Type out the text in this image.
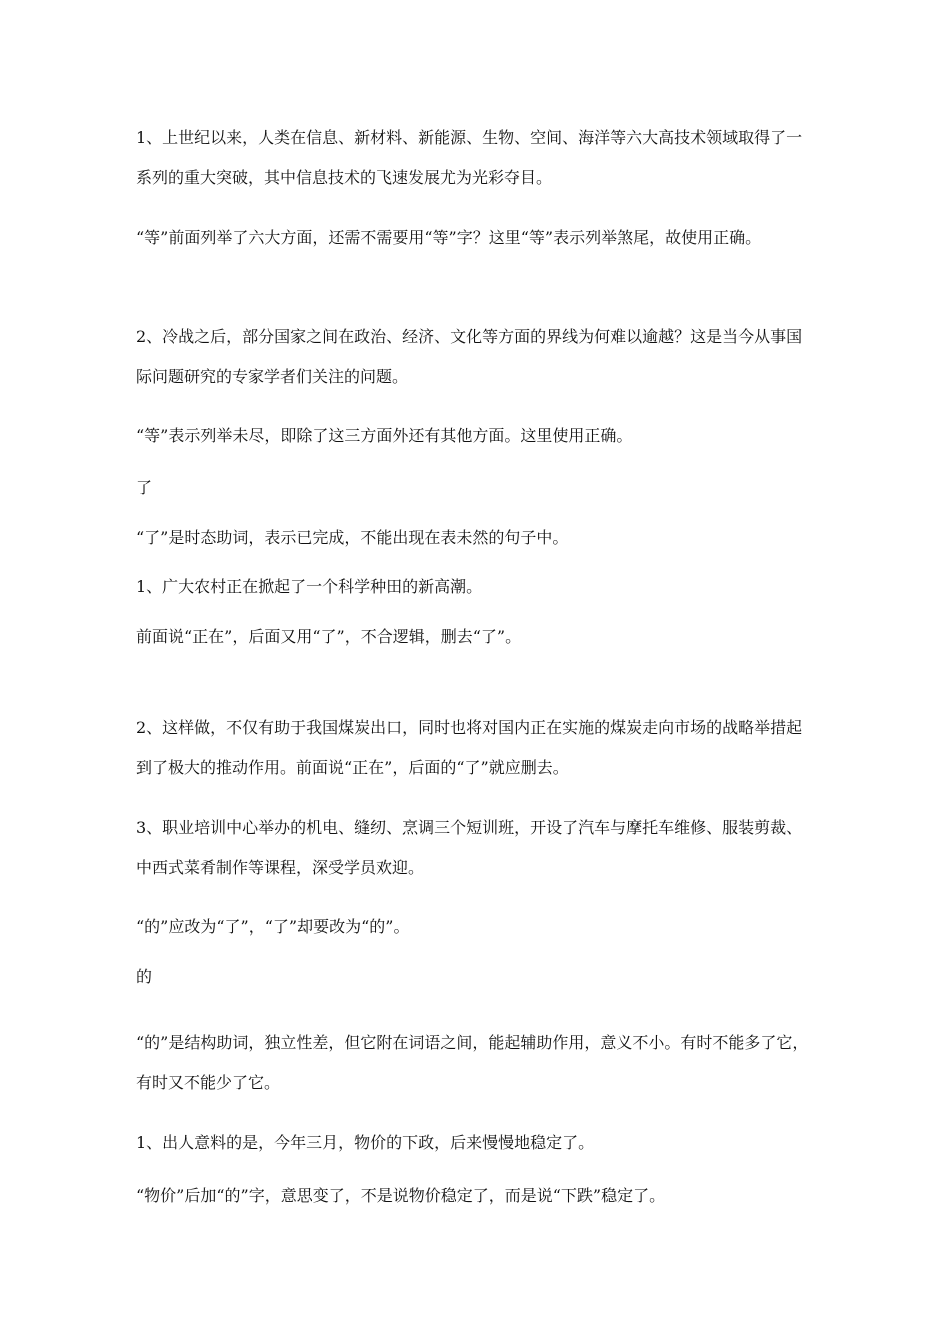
1、上世纪以来，人类在信息、新材料、新能源、生物、空间、海洋等六大高技术领域取得了一系列的重大突破，其中信息技术的飞速发展尤为光彩夺目。

“等”前面列举了六大方面，还需不需要用“等”字？这里“等”表示列举煞尾，故使用正确。

2、冷战之后，部分国家之间在政治、经济、文化等方面的界线为何难以逾越？这是当今从事国际问题研究的专家学者们关注的问题。

“等”表示列举未尽，即除了这三方面外还有其他方面。这里使用正确。

了

“了”是时态助词，表示已完成，不能出现在表未然的句子中。

1、广大农村正在掀起了一个科学种田的新高潮。

前面说“正在”，后面又用“了”，不合逻辑，删去“了”。

2、这样做，不仅有助于我国煤炭出口，同时也将对国内正在实施的煤炭走向市场的战略举措起到了极大的推动作用。前面说“正在”，后面的“了”就应删去。

3、职业培训中心举办的机电、缝纫、烹调三个短训班，开设了汽车与摩托车维修、服装剪裁、中西式菜肴制作等课程，深受学员欢迎。

“的”应改为“了”，“了”却要改为“的”。

的

“的”是结构助词，独立性差，但它附在词语之间，能起辅助作用，意义不小。有时不能多了它，有时又不能少了它。

1、出人意料的是，今年三月，物价的下政，后来慢慢地稳定了。

“物价”后加“的”字，意思变了，不是说物价稳定了，而是说“下跌”稳定了。
